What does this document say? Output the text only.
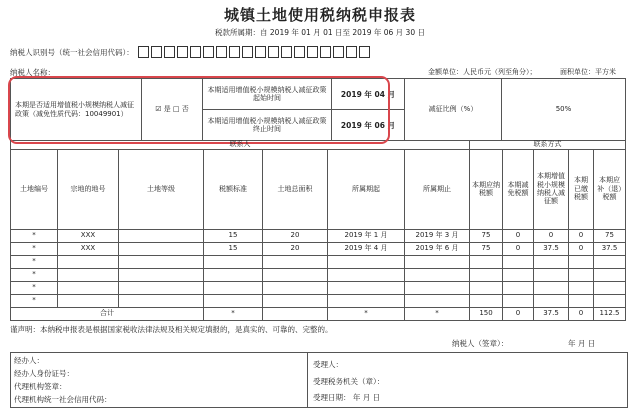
城镇土地使用税纳税申报表
税款所属期：自 2019 年 01 月 01 日至 2019 年 06 月 30 日
纳税人识别号（统一社会信用代码）：
纳税人名称：	金额单位：人民币元（列至角分）；	面积单位：平方米
本期是否适用增值税小规模纳税人减征政策（减免性质代码：10049901）	☑ 是 □ 否	本期适用增值税小规模纳税人减征政策起始时间	2019 年 04 月	减征比例（%）	50%
		本期适用增值税小规模纳税人减征政策终止时间	2019 年 06 月		
联系人							联系方式				
土地编号	宗地的地号	土地等级	税额标准	土地总面积	所属期起	所属期止	本期应纳税额	本期减免税额	本期增值税小规模纳税人减征额	本期已缴税额	本期应补（退）税额
*	XXX		15	20	2019 年 1 月	2019 年 3 月	75	0	0	0	75
*	XXX		15	20	2019 年 4 月	2019 年 6 月	75	0	37.5	0	37.5
*											
*											
*											
*											
合计			*		*	*	150	0	37.5	0	112.5
谨声明：本纳税申报表是根据国家税收法律法规及相关规定填报的，是真实的、可靠的、完整的。
纳税人（签章）：	年 月 日
经办人：
经办人身份证号：
代理机构签章：
代理机构统一社会信用代码：
受理人：
受理税务机关（章）：
受理日期： 年 月 日
